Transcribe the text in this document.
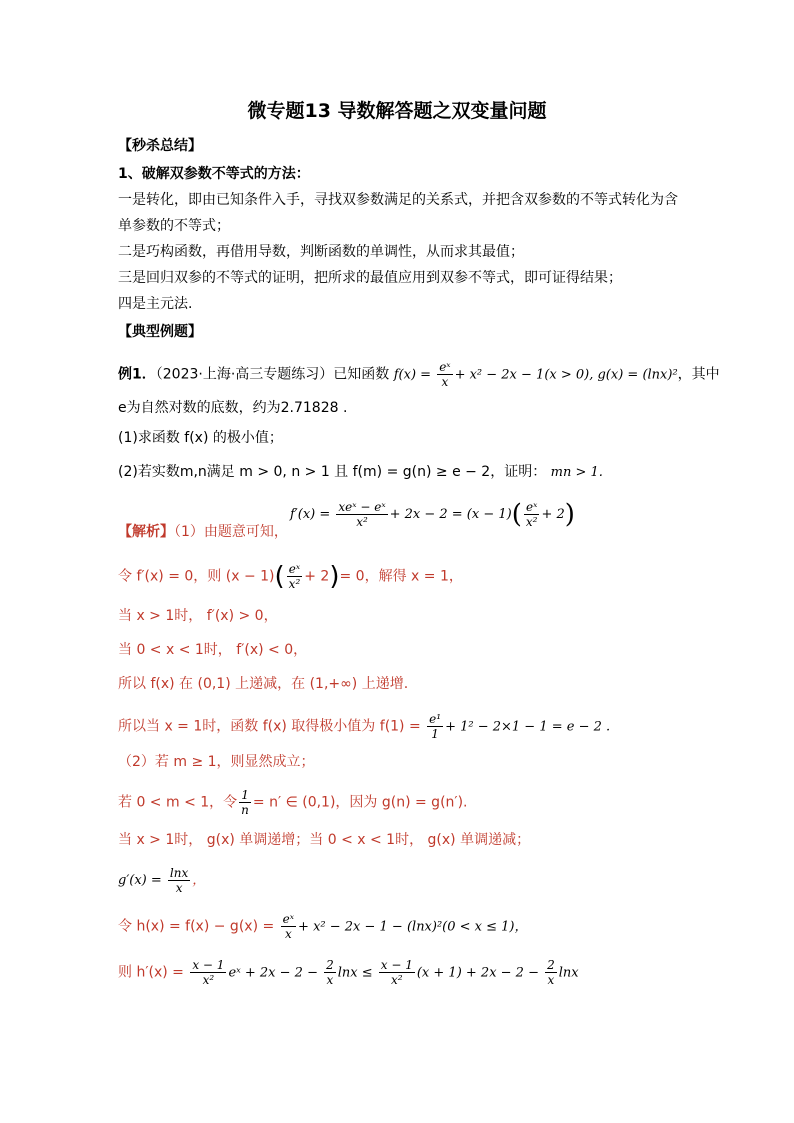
微专题13 导数解答题之双变量问题
【秒杀总结】
1、破解双参数不等式的方法：
一是转化，即由已知条件入手，寻找双参数满足的关系式，并把含双参数的不等式转化为含
单参数的不等式；
二是巧构函数，再借用导数，判断函数的单调性，从而求其最值；
三是回归双参的不等式的证明，把所求的最值应用到双参不等式，即可证得结果；
四是主元法.
【典型例题】
例1．（2023·上海·高三专题练习）已知函数 $f(x) = \frac{\text{eˣ}}{x} + x^2 - 2x - 1(x > 0)$, g(x) = (lnx)²，其中
e为自然对数的底数，约为2.71828 .
(1)求函数 f(x) 的极小值；
(2)若实数m,n满足 m > 0, n > 1 且 f(m) = g(n) ≥ e − 2，证明： mn > 1.
$f'(x) = \frac{\text{xeˣ − eˣ}}{\text{x²}} + 2x - 2 = (x - 1)( \frac{\text{eˣ}}{\text{x²}} + 2)$
【解析】（1）由题意可知，
令 f′(x) = 0，则 $(x - 1)( \frac{\text{eˣ}}{\text{x²}} + 2)= 0$，解得 x = 1，
当 x > 1时， f′(x) > 0，
当 0 < x < 1时， f′(x) < 0，
所以 f(x) 在 (0,1) 上递减，在 (1,+∞) 上递增.
所以当 x = 1时，函数 f(x) 取得极小值为 $f(1) = \frac{\text{e¹}}{1} + 1^2 - 2\times 1 - 1 = e - 2$ .
（2）若 m ≥ 1，则显然成立；
若 0 < m < 1，令 $\frac{1}{n} = n'$ ∈ (0,1)，因为 g(n) = g(n′).
当 x > 1时， g(x) 单调递增；当 0 < x < 1时， g(x) 单调递减；
$g'(x) = \frac{\ln x}{x}$ ，
令 $h(x) = f(x) - g(x) = \frac{\text{eˣ}}{x} + x^2 - 2x - 1 - (\ln x)^2(0 < x \le 1)$，
则 $h'(x) = \frac{x - 1}{\text{x²}}$ eˣ + $2x - 2 - \frac{2}{x}$ $\ln x \le \frac{x - 1}{\text{x²}} (x + 1) + 2x - 2 - \frac{2}{x}$ lnx
